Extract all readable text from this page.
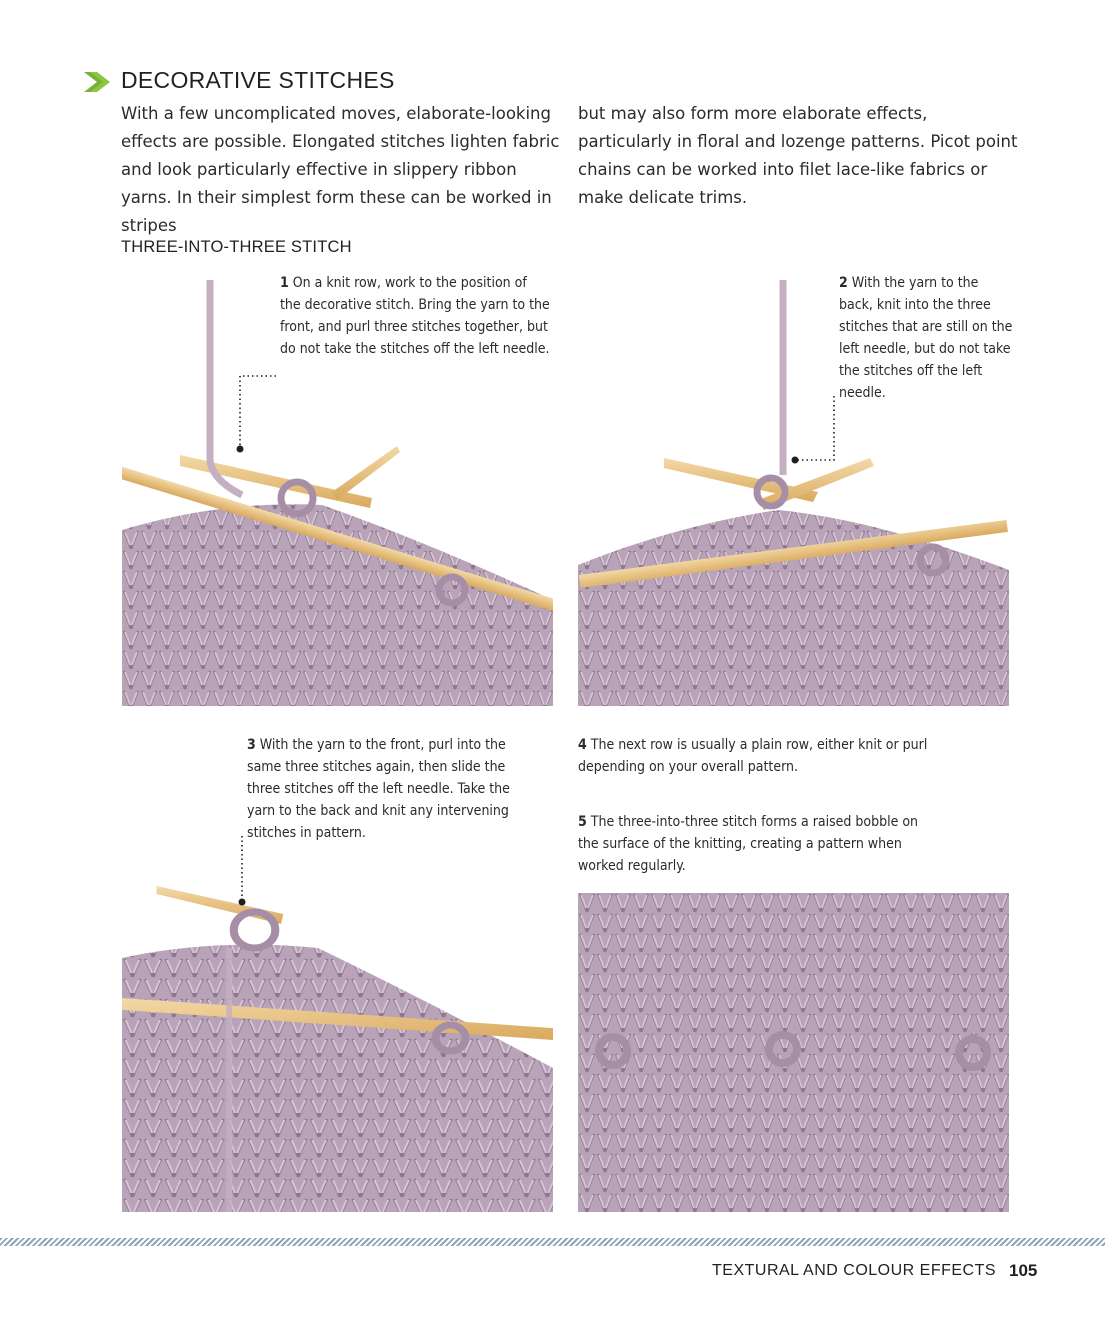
DECORATIVE STITCHES
With a few uncomplicated moves, elaborate-looking effects are possible. Elongated stitches lighten fabric and look particularly effective in slippery ribbon yarns. In their simplest form these can be worked in stripes
but may also form more elaborate effects, particularly in floral and lozenge patterns. Picot point chains can be worked into filet lace-like fabrics or make delicate trims.
THREE-INTO-THREE STITCH
1 On a knit row, work to the position of the decorative stitch. Bring the yarn to the front, and purl three stitches together, but do not take the stitches off the left needle.
2 With the yarn to the back, knit into the three stitches that are still on the left needle, but do not take the stitches off the left needle.
3 With the yarn to the front, purl into the same three stitches again, then slide the three stitches off the left needle. Take the yarn to the back and knit any intervening stitches in pattern.
4 The next row is usually a plain row, either knit or purl depending on your overall pattern.
5 The three-into-three stitch forms a raised bobble on the surface of the knitting, creating a pattern when worked regularly.
TEXTURAL AND COLOUR EFFECTS 105
